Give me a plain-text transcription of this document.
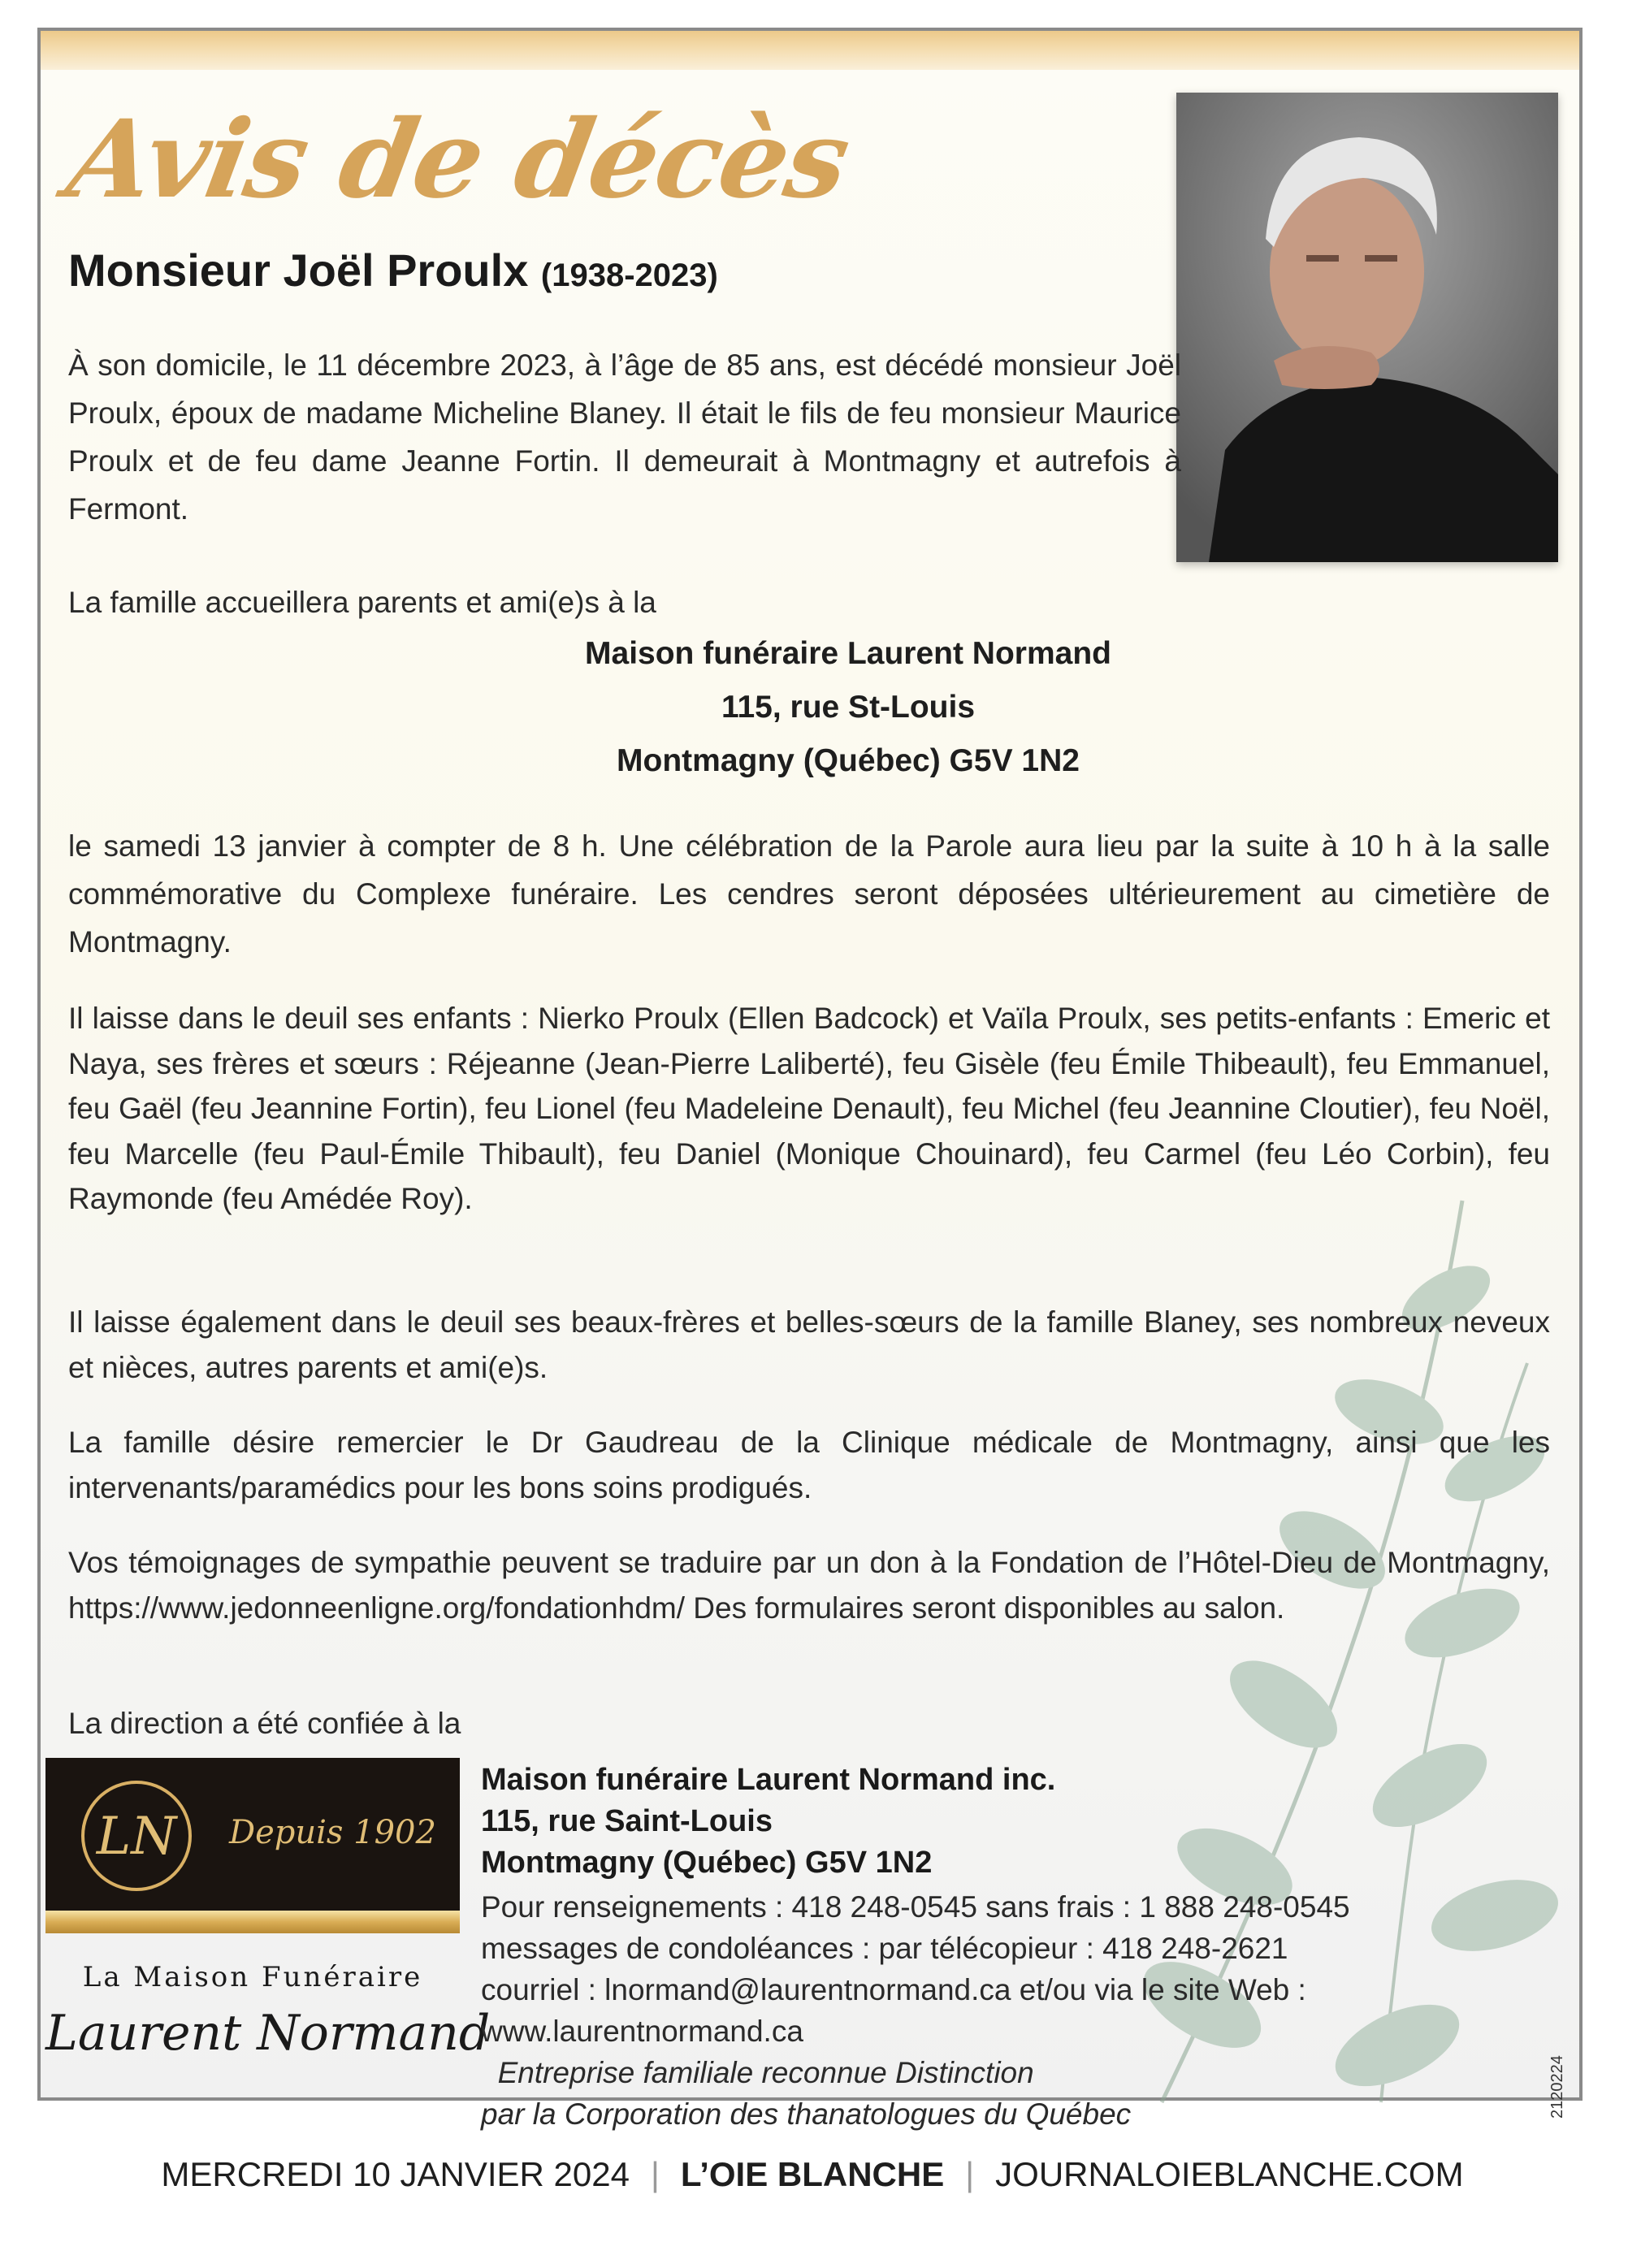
Avis de décès

Monsieur Joël Proulx (1938-2023)

À son domicile, le 11 décembre 2023, à l’âge de 85 ans, est décédé monsieur Joël Proulx, époux de madame Micheline Blaney. Il était le fils de feu monsieur Maurice Proulx et de feu dame Jeanne Fortin. Il demeurait à Montmagny et autrefois à Fermont.

La famille accueillera parents et ami(e)s à la

Maison funéraire Laurent Normand
115, rue St-Louis
Montmagny (Québec) G5V 1N2

le samedi 13 janvier à compter de 8 h. Une célébration de la Parole aura lieu par la suite à 10 h à la salle commémorative du Complexe funéraire. Les cendres seront déposées ultérieurement au cimetière de Montmagny.

Il laisse dans le deuil ses enfants : Nierko Proulx (Ellen Badcock) et Vaïla Proulx, ses petits-enfants : Emeric et Naya, ses frères et sœurs : Réjeanne (Jean-Pierre Laliberté), feu Gisèle (feu Émile Thibeault), feu Emmanuel, feu Gaël (feu Jeannine Fortin), feu Lionel (feu Madeleine Denault), feu Michel (feu Jeannine Cloutier), feu Noël, feu Marcelle (feu Paul-Émile Thibault), feu Daniel (Monique Chouinard), feu Carmel (feu Léo Corbin), feu Raymonde (feu Amédée Roy).

Il laisse également dans le deuil ses beaux-frères et belles-sœurs de la famille Blaney, ses nombreux neveux et nièces, autres parents et ami(e)s.

La famille désire remercier le Dr Gaudreau de la Clinique médicale de Montmagny, ainsi que les intervenants/paramédics pour les bons soins prodigués.

Vos témoignages de sympathie peuvent se traduire par un don à la Fondation de l’Hôtel-Dieu de Montmagny, https://www.jedonneenligne.org/fondationhdm/ Des formulaires seront disponibles au salon.

La direction a été confiée à la

LN Depuis 1902

La Maison Funéraire

Laurent Normand

Maison funéraire Laurent Normand inc.
115, rue Saint-Louis
Montmagny (Québec) G5V 1N2

Pour renseignements : 418 248-0545 sans frais : 1 888 248-0545
messages de condoléances : par télécopieur : 418 248-2621
courriel : lnormand@laurentnormand.ca et/ou via le site Web :
www.laurentnormand.ca
Entreprise familiale reconnue Distinction
par la Corporation des thanatologues du Québec	2120224

MERCREDI 10 JANVIER 2024 | L’OIE BLANCHE | JOURNALOIEBLANCHE.COM
